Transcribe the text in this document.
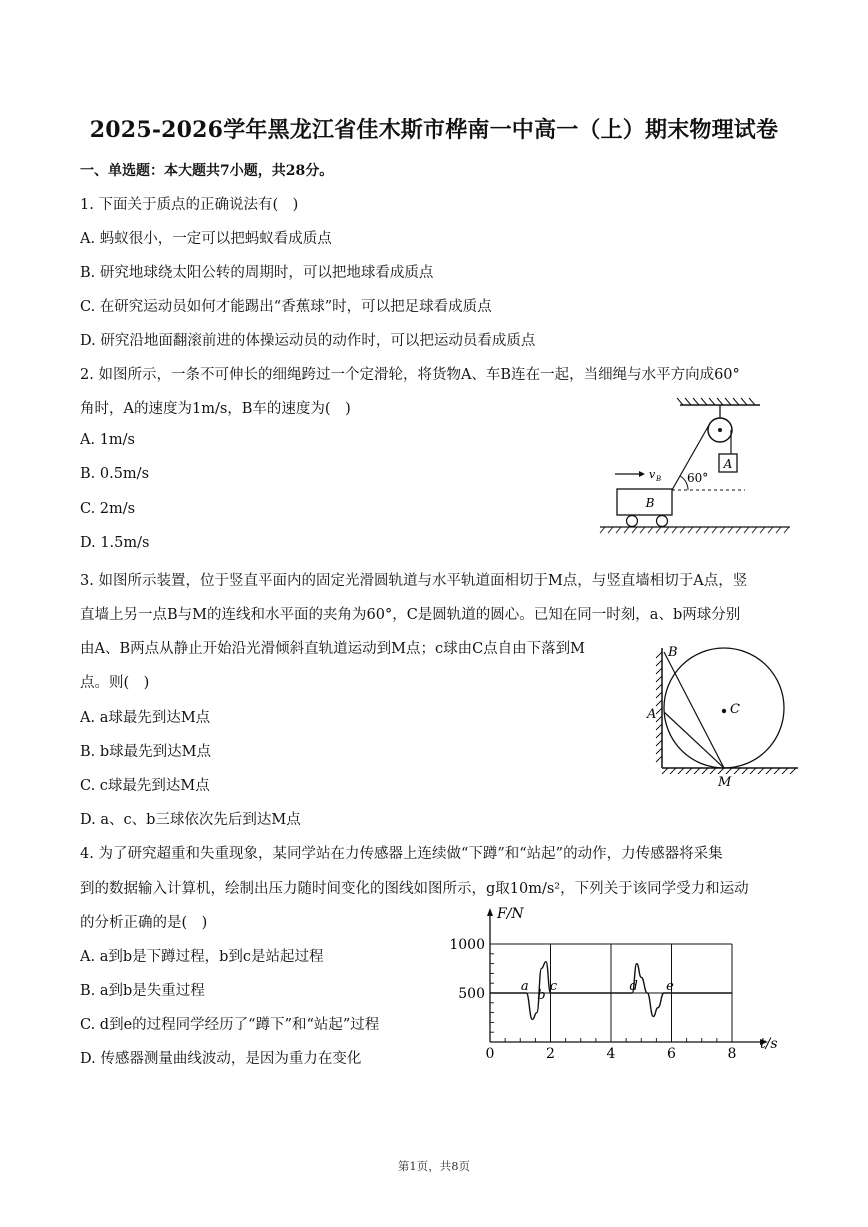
2025-2026学年黑龙江省佳木斯市桦南一中高一（上）期末物理试卷
一、单选题：本大题共7小题，共28分。
1. 下面关于质点的正确说法有(　)
A. 蚂蚁很小，一定可以把蚂蚁看成质点
B. 研究地球绕太阳公转的周期时，可以把地球看成质点
C. 在研究运动员如何才能踢出“香蕉球”时，可以把足球看成质点
D. 研究沿地面翻滚前进的体操运动员的动作时，可以把运动员看成质点
2. 如图所示，一条不可伸长的细绳跨过一个定滑轮，将货物A、车B连在一起，当细绳与水平方向成60°
角时，A的速度为1m/s，B车的速度为(　)
A. 1m/s
B. 0.5m/s
C. 2m/s
D. 1.5m/s
A
60°
v B
B
3. 如图所示装置，位于竖直平面内的固定光滑圆轨道与水平轨道面相切于M点，与竖直墙相切于A点，竖
直墙上另一点B与M的连线和水平面的夹角为60°，C是圆轨道的圆心。已知在同一时刻，a、b两球分别
由A、B两点从静止开始沿光滑倾斜直轨道运动到M点；c球由C点自由下落到M
点。则(　)
A. a球最先到达M点
B. b球最先到达M点
C. c球最先到达M点
D. a、c、b三球依次先后到达M点
B
A	C
M
4. 为了研究超重和失重现象，某同学站在力传感器上连续做“下蹲”和“站起”的动作，力传感器将采集
到的数据输入计算机，绘制出压力随时间变化的图线如图所示，g取10m/s²，下列关于该同学受力和运动
的分析正确的是(　)
A. a到b是下蹲过程，b到c是站起过程
B. a到b是失重过程
C. d到e的过程同学经历了“蹲下”和“站起”过程
D. 传感器测量曲线波动，是因为重力在变化	0	2	4	6	8
500
1000
a
b
c	d e
F/N
t/s
第1页，共8页
